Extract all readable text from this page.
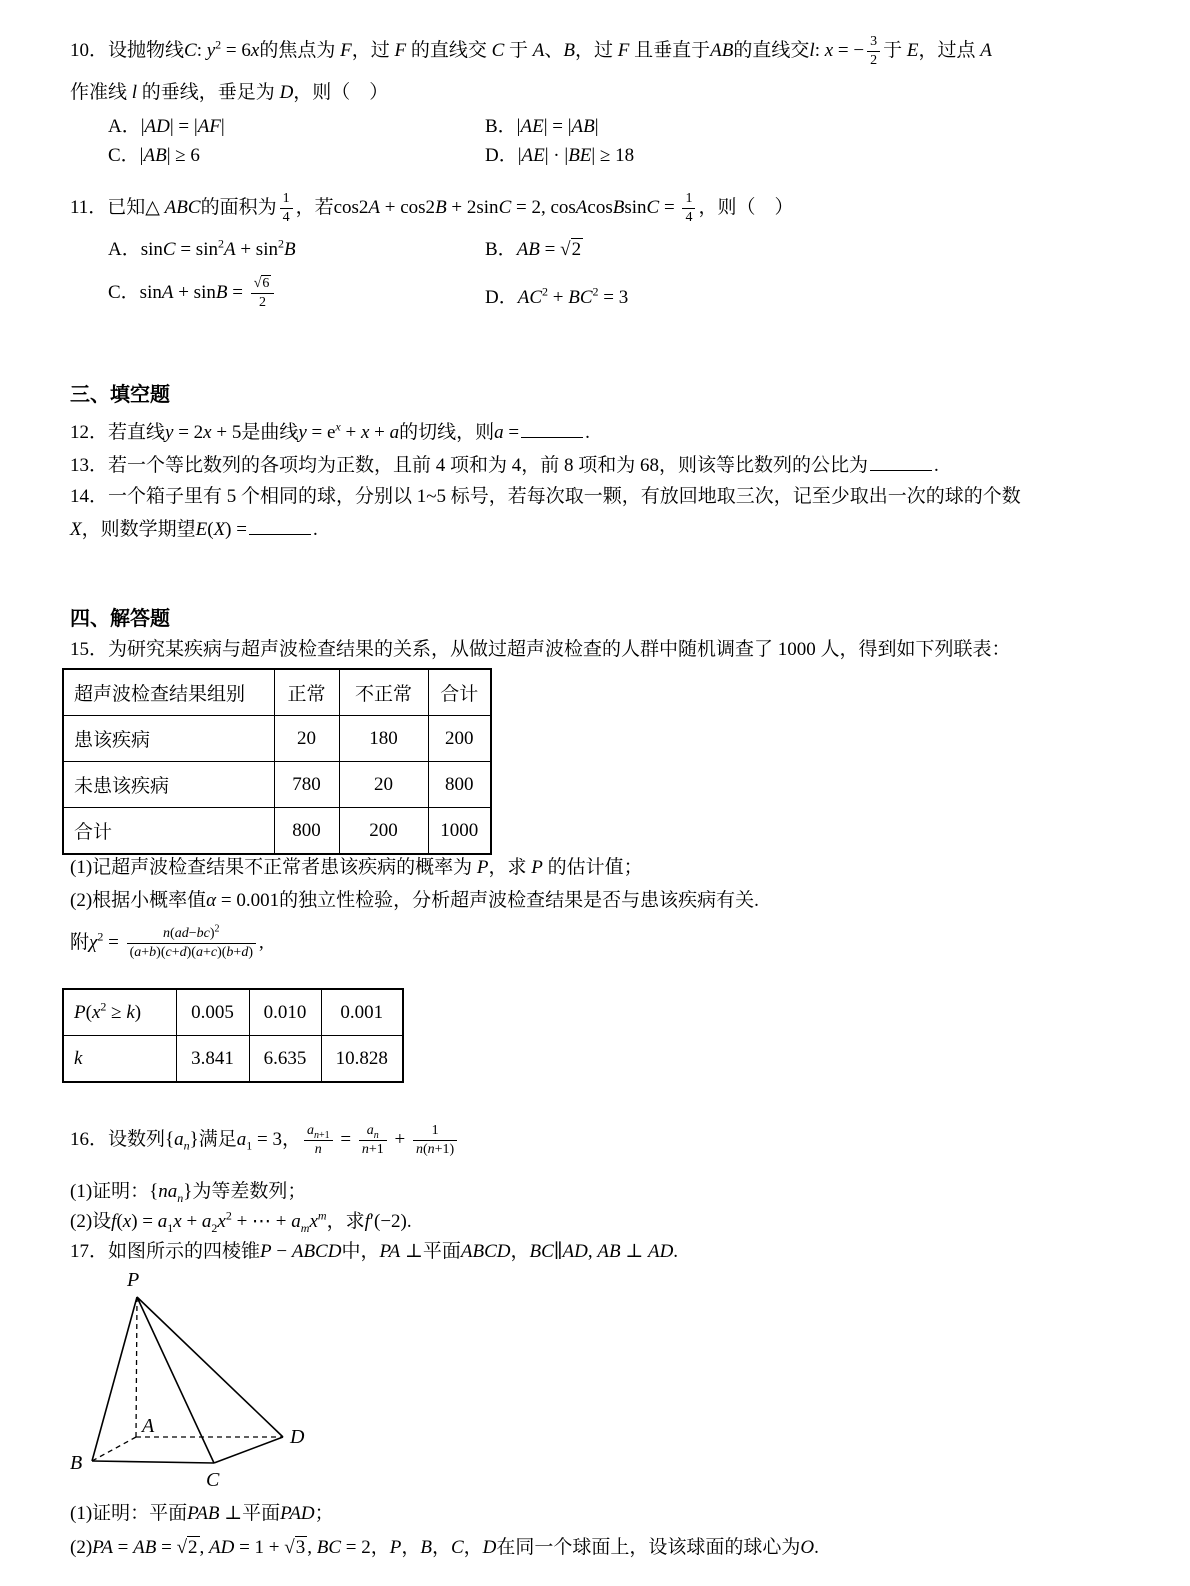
10．设抛物线C: $y^2 = 6x$的焦点为 F，过 F 的直线交 C 于 A、B，过 F 且垂直于AB的直线交l: x = − $\frac{3}{2}$ 于 E，过点 A
作准线 l 的垂线，垂足为 D，则（　）
A．|AD| = |AF|	B．|AE| = |AB|
C．|AB| ≥ 6	D．|AE| · |BE| ≥ 18
11．已知△ ABC的面积为 $\frac{1}{4}$ ，若cos2A + cos2B + 2sinC = 2, cosAcosBsinC = $\frac{1}{4}$ ，则（　）
A．$\sin C = \sin^2A + \sin^2B$	B．AB = √2
C．$\sin A + \sin B = \frac{√6}{2}$	D．$AC^2 + BC^2 = 3$
三、填空题
12．若直线y = 2x + 5是曲线$y = e^x + x + a$的切线，则a =	.
13．若一个等比数列的各项均为正数，且前 4 项和为 4，前 8 项和为 68，则该等比数列的公比为	.
14．一个箱子里有 5 个相同的球，分别以 1~5 标号，若每次取一颗，有放回地取三次，记至少取出一次的球的个数
X，则数学期望E(X) =	.
四、解答题
15．为研究某疾病与超声波检查结果的关系，从做过超声波检查的人群中随机调查了 1000 人，得到如下列联表：
超声波检查结果组别	正常	不正常	合计
患该疾病	20	180	200
未患该疾病	780	20	800
合计	800	200	1000
(1)记超声波检查结果不正常者患该疾病的概率为 P，求 P 的估计值；
(2)根据小概率值α = 0.001的独立性检验，分析超声波检查结果是否与患该疾病有关.
附$\chi^2 = \frac{n(ad-bc)^2}{(a+b)(c+d)(a+c)(b+d)}$ ,
$P(x^2 \ge k)$	0.005	0.010	0.001
k	3.841	6.635	10.828
16．设数列$\{a_n\}$满足$a_1 = 3$， $\frac{a_{n+1}}{n} = \frac{a_n}{n+1} + \frac{1}{n(n+1)}$
(1)证明：$\{na_n\}$为等差数列；
(2)设$f(x) = a_1x + a_2x^2$ + ⋯ + $a_mx^m$，求f′(−2).
17．如图所示的四棱锥P − ABCD中，PA ⊥平面ABCD，BC∥AD, AB ⊥ AD.
P
A
B
C
D
(1)证明：平面PAB ⊥平面PAD；
(2)PA = AB = √2 , AD = 1 + √3 , BC = 2，P，B，C，D在同一个球面上，设该球面的球心为O.
